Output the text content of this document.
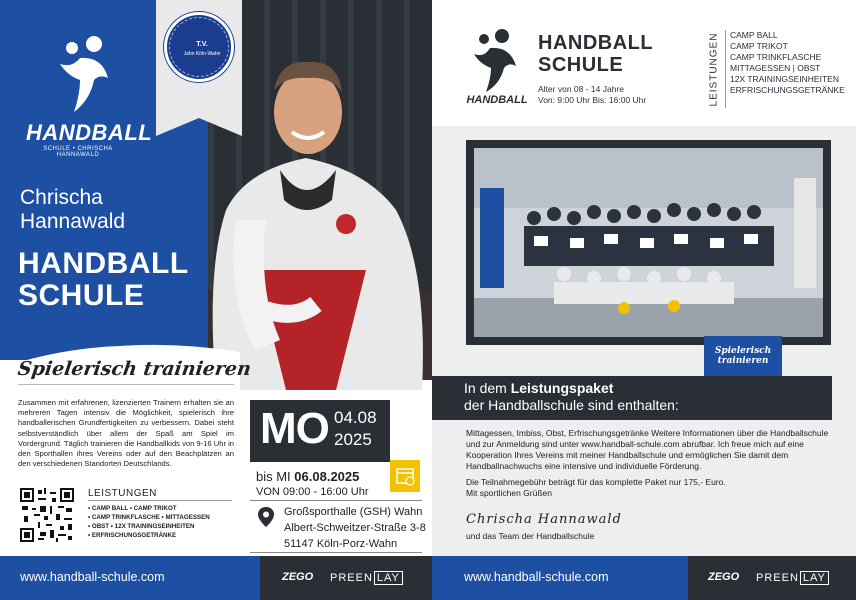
HANDBALL
SCHULE • CHRISCHA HANNAWALD
T.V.
Jahn Köln-Wahn
Chrischa
Hannawald
HANDBALL
SCHULE
Spielerisch trainieren
Zusammen mit erfahrenen, lizenzierten Trainern erhalten sie an mehreren Tagen intensiv die Möglichkeit, spielerisch ihre handballerischen Grundfertigkeiten zu verbessern. Dabei steht selbstverständlich über allem der Spaß am Spiel im Vordergrund. Täglich trainieren die Handballkids von 9-16 Uhr in den Sporthallen ihres Vereins oder auf den Beachplätzen an den verschiedenen Standorten Deutschlands.
LEISTUNGEN
• CAMP BALL • CAMP TRIKOT
• CAMP TRINKFLASCHE • MITTAGESSEN
• OBST • 12X TRAININGSEINHEITEN
• ERFRISCHUNGSGETRÄNKE
MO 04.08
2025
bis MI 06.08.2025
VON 09:00 - 16:00 Uhr
Großsporthalle (GSH) Wahn
Albert-Schweitzer-Straße 3-8
51147 Köln-Porz-Wahn
www.handball-schule.com	ZEGO PREEN LAY
HANDBALL
HANDBALL
SCHULE
Alter von 08 - 14 Jahre
Von: 9:00 Uhr Bis: 16:00 Uhr	LEISTUNGEN CAMP BALL
CAMP TRIKOT
CAMP TRINKFLASCHE
MITTAGESSEN | OBST
12X TRAININGSEINHEITEN
ERFRISCHUNGSGETRÄNKE
Spielerisch
trainieren
In dem Leistungspaket
der Handballschule sind enthalten:

Mittagessen, Imbiss, Obst, Erfrischungsgetränke Weitere Informationen über die Handballschule und zur Anmeldung sind unter www.handball-schule.com abrufbar. Ich freue mich auf eine Kooperation Ihres Vereins mit meiner Handballschule und ermöglichen Sie damit dem Handballnachwuchs eine intensive und individuelle Förderung.

Die Teilnahmegebühr beträgt für das komplette Paket nur 175,- Euro.
Mit sportlichen Grüßen
Chrischa Hannawald
und das Team der Handballschule
www.handball-schule.com	ZEGO PREEN LAY
